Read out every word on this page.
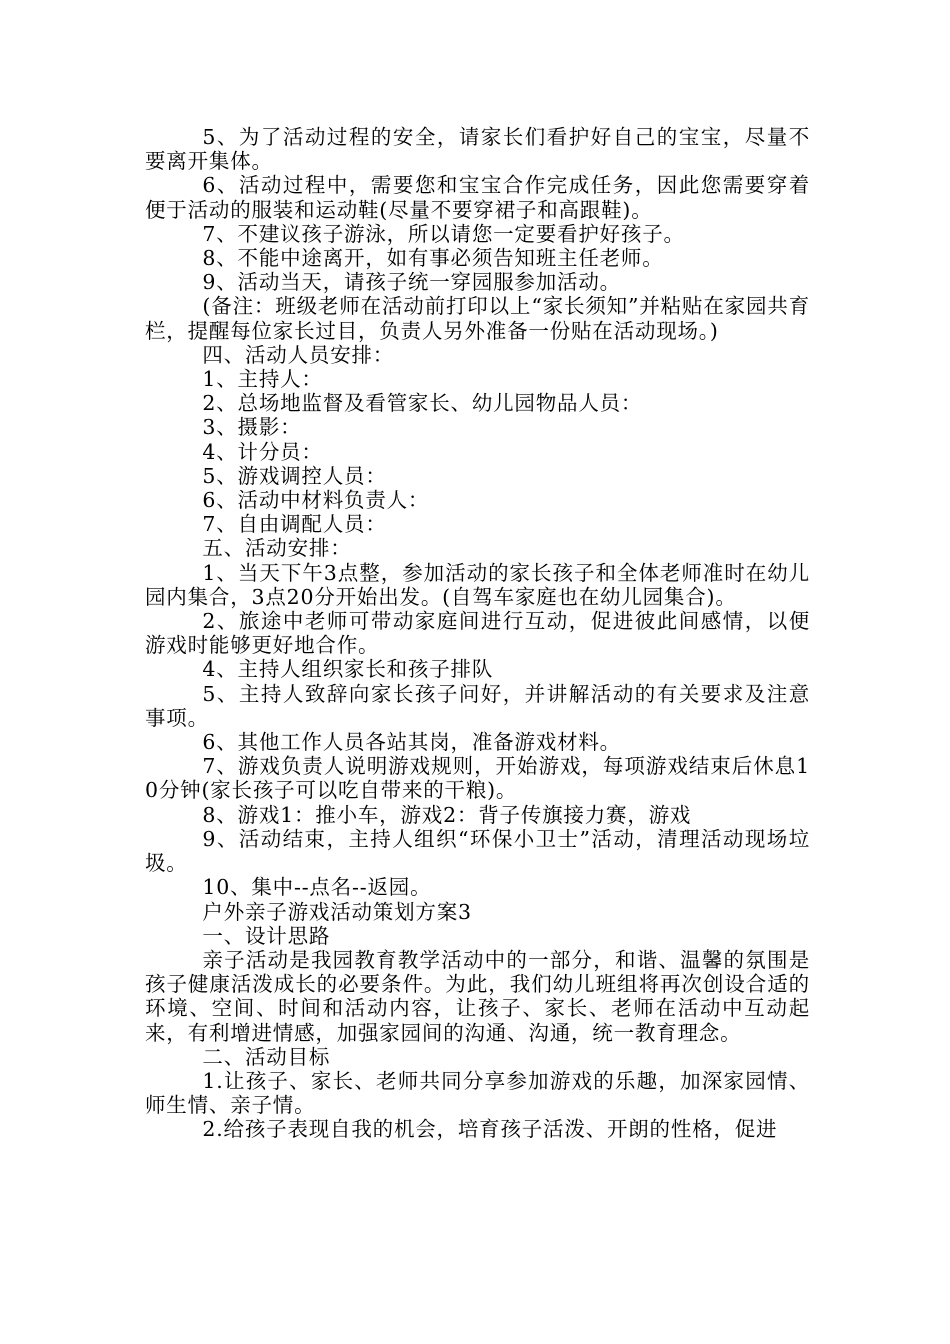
5、为了活动过程的安全，请家长们看护好自己的宝宝，尽量不要离开集体。

6、活动过程中，需要您和宝宝合作完成任务，因此您需要穿着便于活动的服装和运动鞋(尽量不要穿裙子和高跟鞋)。

7、不建议孩子游泳，所以请您一定要看护好孩子。

8、不能中途离开，如有事必须告知班主任老师。

9、活动当天，请孩子统一穿园服参加活动。

(备注：班级老师在活动前打印以上“家长须知”并粘贴在家园共育栏，提醒每位家长过目，负责人另外准备一份贴在活动现场。)

四、活动人员安排：

1、主持人：

2、总场地监督及看管家长、幼儿园物品人员：

3、摄影：

4、计分员：

5、游戏调控人员：

6、活动中材料负责人：

7、自由调配人员：

五、活动安排：

1、当天下午3点整，参加活动的家长孩子和全体老师准时在幼儿园内集合，3点20分开始出发。(自驾车家庭也在幼儿园集合)。

2、旅途中老师可带动家庭间进行互动，促进彼此间感情，以便游戏时能够更好地合作。

4、主持人组织家长和孩子排队

5、主持人致辞向家长孩子问好，并讲解活动的有关要求及注意事项。

6、其他工作人员各站其岗，准备游戏材料。

7、游戏负责人说明游戏规则，开始游戏，每项游戏结束后休息10分钟(家长孩子可以吃自带来的干粮)。

8、游戏1：推小车，游戏2：背子传旗接力赛，游戏

9、活动结束，主持人组织“环保小卫士”活动，清理活动现场垃圾。

10、集中--点名--返园。

户外亲子游戏活动策划方案3

一、设计思路

亲子活动是我园教育教学活动中的一部分，和谐、温馨的氛围是孩子健康活泼成长的必要条件。为此，我们幼儿班组将再次创设合适的环境、空间、时间和活动内容，让孩子、家长、老师在活动中互动起来，有利增进情感，加强家园间的沟通、沟通，统一教育理念。

二、活动目标

1.让孩子、家长、老师共同分享参加游戏的乐趣，加深家园情、师生情、亲子情。

2.给孩子表现自我的机会，培育孩子活泼、开朗的性格，促进
